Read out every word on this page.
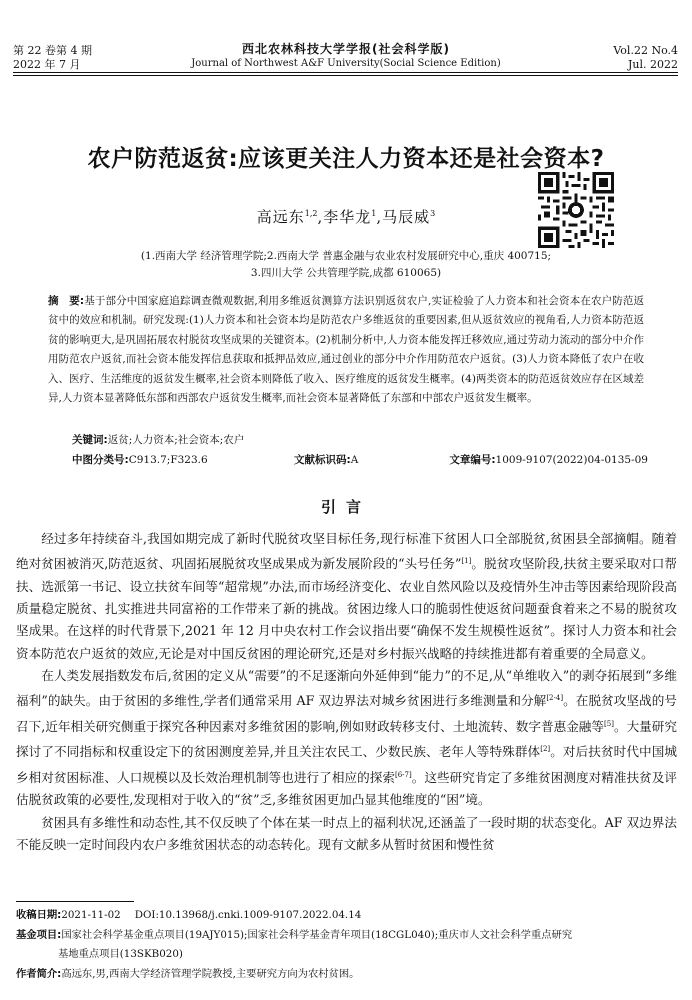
第 22 卷第 4 期
2022 年 7 月
西北农林科技大学学报(社会科学版)
Journal of Northwest A&F University(Social Science Edition)
Vol.22 No.4
Jul. 2022
农户防范返贫:应该更关注人力资本还是社会资本?
高远东$^{1,2}$,李华龙$^1$,马辰威$^3$
(1.西南大学 经济管理学院;2.西南大学 普惠金融与农业农村发展研究中心,重庆 400715;
3.四川大学 公共管理学院,成都 610065)
摘　要:基于部分中国家庭追踪调查微观数据,利用多维返贫测算方法识别返贫农户,实证检验了人力资本和社会资本在农户防范返贫中的效应和机制。研究发现:(1)人力资本和社会资本均是防范农户多维返贫的重要因素,但从返贫效应的视角看,人力资本防范返贫的影响更大,是巩固拓展农村脱贫攻坚成果的关键资本。(2)机制分析中,人力资本能发挥迁移效应,通过劳动力流动的部分中介作用防范农户返贫,而社会资本能发挥信息获取和抵押品效应,通过创业的部分中介作用防范农户返贫。(3)人力资本降低了农户在收入、医疗、生活维度的返贫发生概率,社会资本则降低了收入、医疗维度的返贫发生概率。(4)两类资本的防范返贫效应存在区域差异,人力资本显著降低东部和西部农户返贫发生概率,而社会资本显著降低了东部和中部农户返贫发生概率。
关键词:返贫;人力资本;社会资本;农户
中图分类号:C913.7;F323.6	文献标识码:A	文章编号:1009-9107(2022)04-0135-09
引言

经过多年持续奋斗,我国如期完成了新时代脱贫攻坚目标任务,现行标准下贫困人口全部脱贫,贫困县全部摘帽。随着绝对贫困被消灭,防范返贫、巩固拓展脱贫攻坚成果成为新发展阶段的“头号任务”[1]。脱贫攻坚阶段,扶贫主要采取对口帮扶、选派第一书记、设立扶贫车间等“超常规”办法,而市场经济变化、农业自然风险以及疫情外生冲击等因素给现阶段高质量稳定脱贫、扎实推进共同富裕的工作带来了新的挑战。贫困边缘人口的脆弱性使返贫问题蚕食着来之不易的脱贫攻坚成果。在这样的时代背景下,2021 年 12 月中央农村工作会议指出要“确保不发生规模性返贫”。探讨人力资本和社会资本防范农户返贫的效应,无论是对中国反贫困的理论研究,还是对乡村振兴战略的持续推进都有着重要的全局意义。

在人类发展指数发布后,贫困的定义从“需要”的不足逐渐向外延伸到“能力”的不足,从“单维收入”的剥夺拓展到“多维福利”的缺失。由于贫困的多维性,学者们通常采用 AF 双边界法对城乡贫困进行多维测量和分解[2-4]。在脱贫攻坚战的号召下,近年相关研究侧重于探究各种因素对多维贫困的影响,例如财政转移支付、土地流转、数字普惠金融等[5]。大量研究探讨了不同指标和权重设定下的贫困测度差异,并且关注农民工、少数民族、老年人等特殊群体[2]。对后扶贫时代中国城乡相对贫困标准、人口规模以及长效治理机制等也进行了相应的探索[6-7]。这些研究肯定了多维贫困测度对精准扶贫及评估脱贫政策的必要性,发现相对于收入的“贫”乏,多维贫困更加凸显其他维度的“困”境。

贫困具有多维性和动态性,其不仅反映了个体在某一时点上的福利状况,还涵盖了一段时期的状态变化。AF 双边界法不能反映一定时间段内农户多维贫困状态的动态转化。现有文献多从暂时贫困和慢性贫

收稿日期:2021-11-02 DOI:10.13968/j.cnki.1009-9107.2022.04.14
基金项目:国家社会科学基金重点项目(19AJY015);国家社会科学基金青年项目(18CGL040);重庆市人文社会科学重点研究
基地重点项目(13SKB020)
作者简介:高远东,男,西南大学经济管理学院教授,主要研究方向为农村贫困。
